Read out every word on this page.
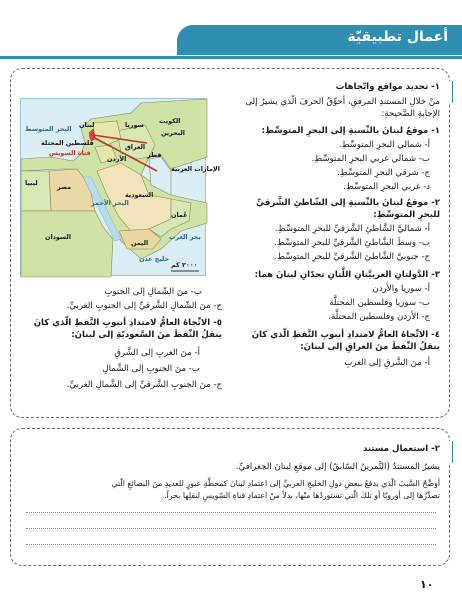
أعمال تطبيقيّة
سوريا
لبنان
البحر المتوسط
فلسطين المحتلة	العراق
الأردن
الكويت
البحرين
قطر
الإمارات العربية
قناة السويس
مصر
ليبيا
السعودية
البحر الأحمر
عُمان
السودان
اليمن
بحر العرب
خليج عدن
٢٠٠٠ كم
١- تحديد مواقع واتّجاهات
منْ خلالِ المستندِ المرفقِ، أحوِّقُ الحرفَ الّذي يشيرُ إلى
الإجابةِ الصَّحيحةِ:
١- موقعُ لبنانَ بالنِّسبةِ إلى البحرِ المتوسِّطِ:
أ- شمالي البحرِ المتوسِّطِ.
ب- شمالي غربي البحرِ المتوسِّطِ.
ج- شرقي البحرِ المتوسِّطِ.
د- غربي البحرِ المتوسِّطِ.
٢- موقعُ لبنانَ بالنِّسبةِ إلى الشّاطئِ الشَّرقيِّ
للبحرِ المتوسِّطِ:
أ- شماليَّ الشَّاطئِ الشَّرقيِّ للبحرِ المتوسِّطِ.
ب- وسطَ الشَّاطئِ الشَّرقيِّ للبحرِ المتوسِّطِ.
ج- جنوبيَّ الشَّاطئِ الشَّرقيِّ للبحرِ المتوسِّطِ.
٣- الدَّولتانِ العربيَّتانِ اللَّتانِ تحدّانِ لبنانَ هما:
أ- سوريا والأردن
ب- سوريا وفلسطين المحتلَّة
ج- الأردن وفلسطين المحتلَّة.
٤- الاتِّجاهُ العامُّ لامتدادِ أنبوبِ النَّفطِ الّذي كانَ
ينقلُ النِّفطَ منَ العراقِ إلى لبنانَ:
أ- منَ الشَّرقِ إلى الغربِ
ب- منَ الشّمالِ إلى الجنوبِ
ج- منَ الشّمالِ الشَّرقيِّ إلى الجنوبِ الغربيِّ.
٥- الاتِّجاهُ العامُّ لامتدادِ أنبوبِ النَّفطِ الّذي كانَ
ينقلُ النِّفطَ منَ السَّعوديّةِ إلى لبنانَ:
أ- منَ الغربِ إلى الشَّرقِ
ب- منَ الجنوبِ إلى الشَّمالِ
ج- منَ الجنوبِ الشَّرقيِّ إلى الشَّمالِ الغربيِّ.
٢- استعمال مستند
يشيرُ المستندُ (التَّمرينُ السّابقُ) إلى موقعِ لبنانَ الجغرافيِّ.
أوضِّحُ السَّببَ الّذي يدفعُ ببعضِ دولِ الخليجِ العربيِّ إلى اعتمادِ لبنانَ كمحطَّةِ عبورٍ للعديدِ منَ البضائعِ الّتي
تصدِّرُها إلى أوروبّا أو تلكَ الّتي تستوردُها منْها، بدلاً منْ اعتمادِ قناةِ السّويسِ لنقلِها بحراً.
١٠
